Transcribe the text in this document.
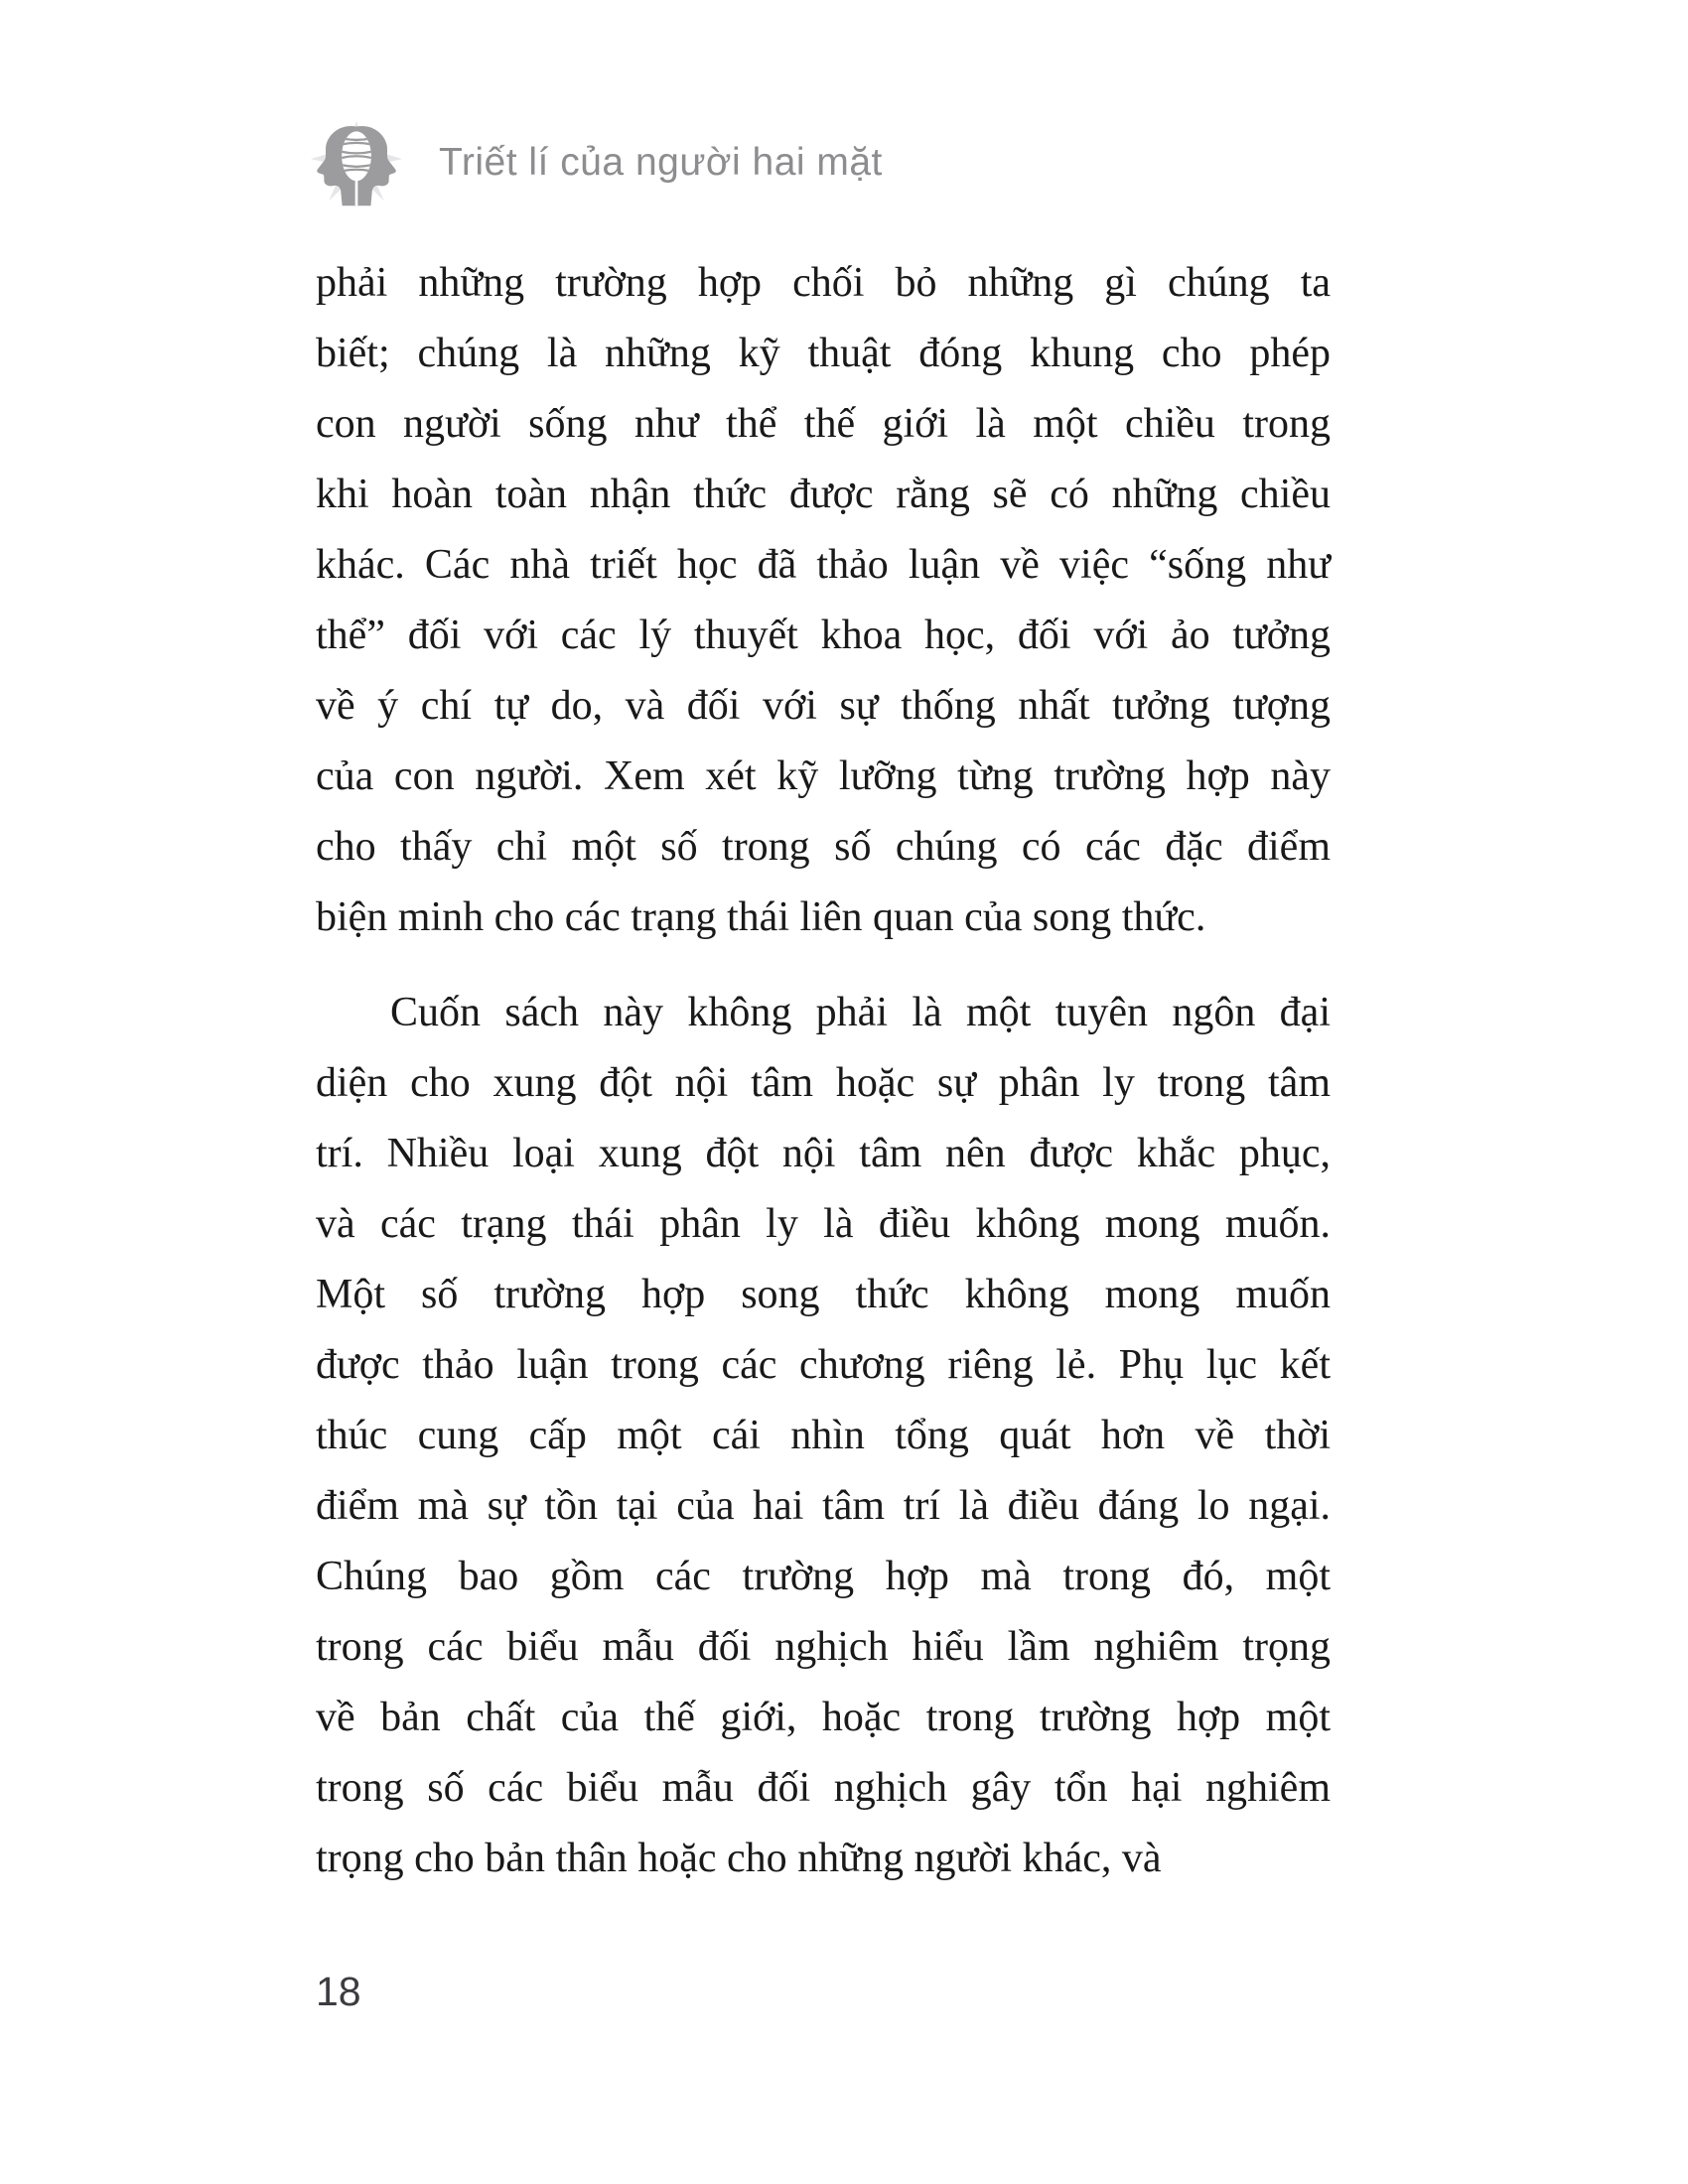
Triết lí của người hai mặt
phải những trường hợp chối bỏ những gì chúng ta
biết; chúng là những kỹ thuật đóng khung cho phép
con người sống như thể thế giới là một chiều trong
khi hoàn toàn nhận thức được rằng sẽ có những chiều
khác. Các nhà triết học đã thảo luận về việc “sống như
thể” đối với các lý thuyết khoa học, đối với ảo tưởng
về ý chí tự do, và đối với sự thống nhất tưởng tượng
của con người. Xem xét kỹ lưỡng từng trường hợp này
cho thấy chỉ một số trong số chúng có các đặc điểm
biện minh cho các trạng thái liên quan của song thức.
Cuốn sách này không phải là một tuyên ngôn đại
diện cho xung đột nội tâm hoặc sự phân ly trong tâm
trí. Nhiều loại xung đột nội tâm nên được khắc phục,
và các trạng thái phân ly là điều không mong muốn.
Một số trường hợp song thức không mong muốn
được thảo luận trong các chương riêng lẻ. Phụ lục kết
thúc cung cấp một cái nhìn tổng quát hơn về thời
điểm mà sự tồn tại của hai tâm trí là điều đáng lo ngại.
Chúng bao gồm các trường hợp mà trong đó, một
trong các biểu mẫu đối nghịch hiểu lầm nghiêm trọng
về bản chất của thế giới, hoặc trong trường hợp một
trong số các biểu mẫu đối nghịch gây tổn hại nghiêm
trọng cho bản thân hoặc cho những người khác, và
18
